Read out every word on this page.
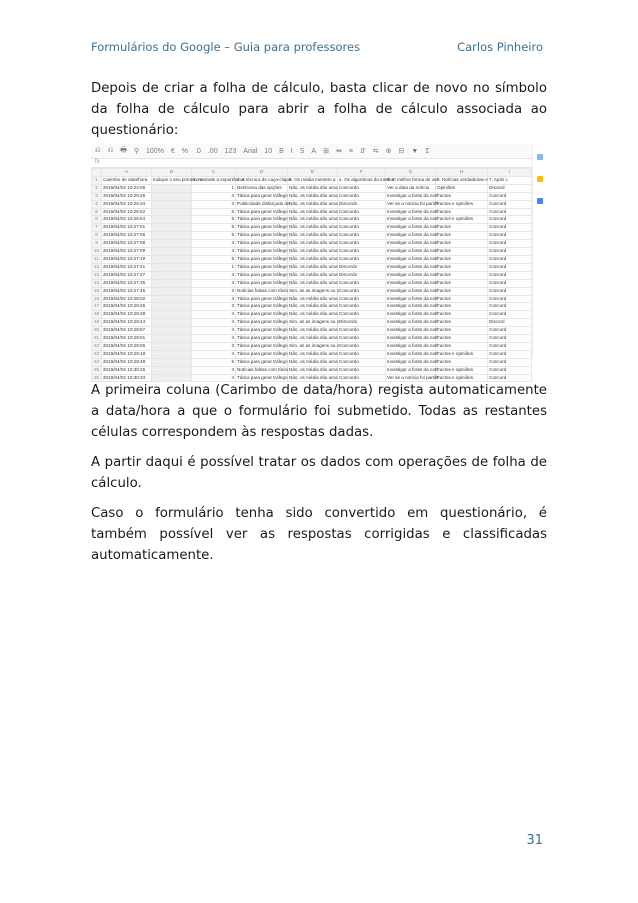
Formulários do Google – Guia para professores	Carlos Pinheiro

Depois de criar a folha de cálculo, basta clicar de novo no símbolo da folha de cálculo para abrir a folha de cálculo associada ao questionário:

⎌ ⎌ 🖶 ⚲ 100% € % .0 .00 123 Arial 10 B I S A ⊞ ⇹ ≡ ⇵ ⇆ ⊕ ⊟ ▼ Σ
fx
	A	B	C	D	E	F	G	H	I
1	Carimbo de data/hora	Indique o seu primeiro e	1. Assinale a importância	2. A técnica de caça-clique	3. Os média mentem a	4. Os algoritmos da interne	5. O melhor forma de ver	6. Notícias verdadeiras e	7. Após c
2	2019/04/02 10:24:06		1	Nenhuma das opções	Não, os média são uma	Concordo	Ver a data da notícia	Opiniões	Discord
3	2019/04/02 10:26:26		4	Tática para gerar tráfego	Não, os média são uma	Concordo	Investigar a fonte da notí	Factos	Concord
4	2019/04/02 10:26:34		3	Publicidade disfarçada de	Não, os média são uma	Discordo	Ver se a notícia foi partilh	Factos e opiniões	Concord
5	2019/04/02 10:26:52		5	Tática para gerar tráfego	Não, os média são uma	Concordo	Investigar a fonte da notí	Factos	Concord
6	2019/04/02 10:26:54		5	Tática para gerar tráfego	Não, os média são uma	Concordo	Investigar a fonte da notí	Factos e opiniões	Concord
7	2019/04/02 10:27:01		5	Tática para gerar tráfego	Não, os média são uma	Concordo	Investigar a fonte da notí	Factos	Concord
8	2019/04/02 10:27:06		5	Tática para gerar tráfego	Não, os média são uma	Concordo	Investigar a fonte da notí	Factos	Concord
9	2019/04/02 10:27:08		4	Tática para gerar tráfego	Não, os média são uma	Concordo	Investigar a fonte da notí	Factos	Concord
10	2019/04/02 10:27:09		4	Tática para gerar tráfego	Não, os média são uma	Concordo	Investigar a fonte da notí	Factos	Concord
11	2019/04/02 10:27:19		5	Tática para gerar tráfego	Não, os média são uma	Concordo	Investigar a fonte da notí	Factos	Concord
12	2019/04/02 10:27:21		1	Tática para gerar tráfego	Não, os média são uma	Discordo	Investigar a fonte da notí	Factos	Concord
13	2019/04/02 10:27:27		4	Tática para gerar tráfego	Não, os média são uma	Discordo	Investigar a fonte da notí	Factos	Concord
14	2019/04/02 10:27:35		4	Tática para gerar tráfego	Não, os média são uma	Concordo	Investigar a fonte da notí	Factos	Concord
15	2019/04/02 10:27:45		3	Notícias falsas com título	Sim, as as imagens ou v	Concordo	Investigar a fonte da notí	Factos	Concord
16	2019/04/02 10:28:02		4	Tática para gerar tráfego	Não, os média são uma	Concordo	Investigar a fonte da notí	Factos	Concord
17	2019/04/02 10:28:26		3	Tática para gerar tráfego	Não, os média são uma	Concordo	Investigar a fonte da notí	Factos	Concord
18	2019/04/02 10:28:38		4	Tática para gerar tráfego	Não, os média são uma	Concordo	Investigar a fonte da notí	Factos	Concord
19	2019/04/02 10:28:44		4	Tática para gerar tráfego	Sim, as as imagens ou v	Discordo	Investigar a fonte da notí	Factos	Discord
20	2019/04/02 10:28:57		4	Tática para gerar tráfego	Não, os média são uma	Concordo	Investigar a fonte da notí	Factos	Concord
21	2019/04/02 10:29:01		4	Tática para gerar tráfego	Não, os média são uma	Concordo	Investigar a fonte da notí	Factos	Concord
22	2019/04/02 10:29:06		3	Tática para gerar tráfego	Sim, as as imagens ou v	Concordo	Investigar a fonte da notí	Factos	Concord
23	2019/04/02 10:29:18		4	Tática para gerar tráfego	Não, os média são uma	Concordo	Investigar a fonte da notí	Factos e opiniões	Concord
24	2019/04/02 10:29:48		5	Tática para gerar tráfego	Não, os média são uma	Concordo	Investigar a fonte da notí	Factos	Concord
25	2019/04/02 10:30:26		4	Notícias falsas com título	Não, os média são uma	Concordo	Investigar a fonte da notí	Factos e opiniões	Concord
26	2019/04/02 10:30:33		4	Tática para gerar tráfego	Não, os média são uma	Concordo	Ver se a notícia foi partilh	Factos e opiniões	Concord

A primeira coluna (Carimbo de data/hora) regista automaticamente a data/hora a que o formulário foi submetido. Todas as restantes células correspondem às respostas dadas.

A partir daqui é possível tratar os dados com operações de folha de cálculo.

Caso o formulário tenha sido convertido em questionário, é também possível ver as respostas corrigidas e classificadas automaticamente.

31
